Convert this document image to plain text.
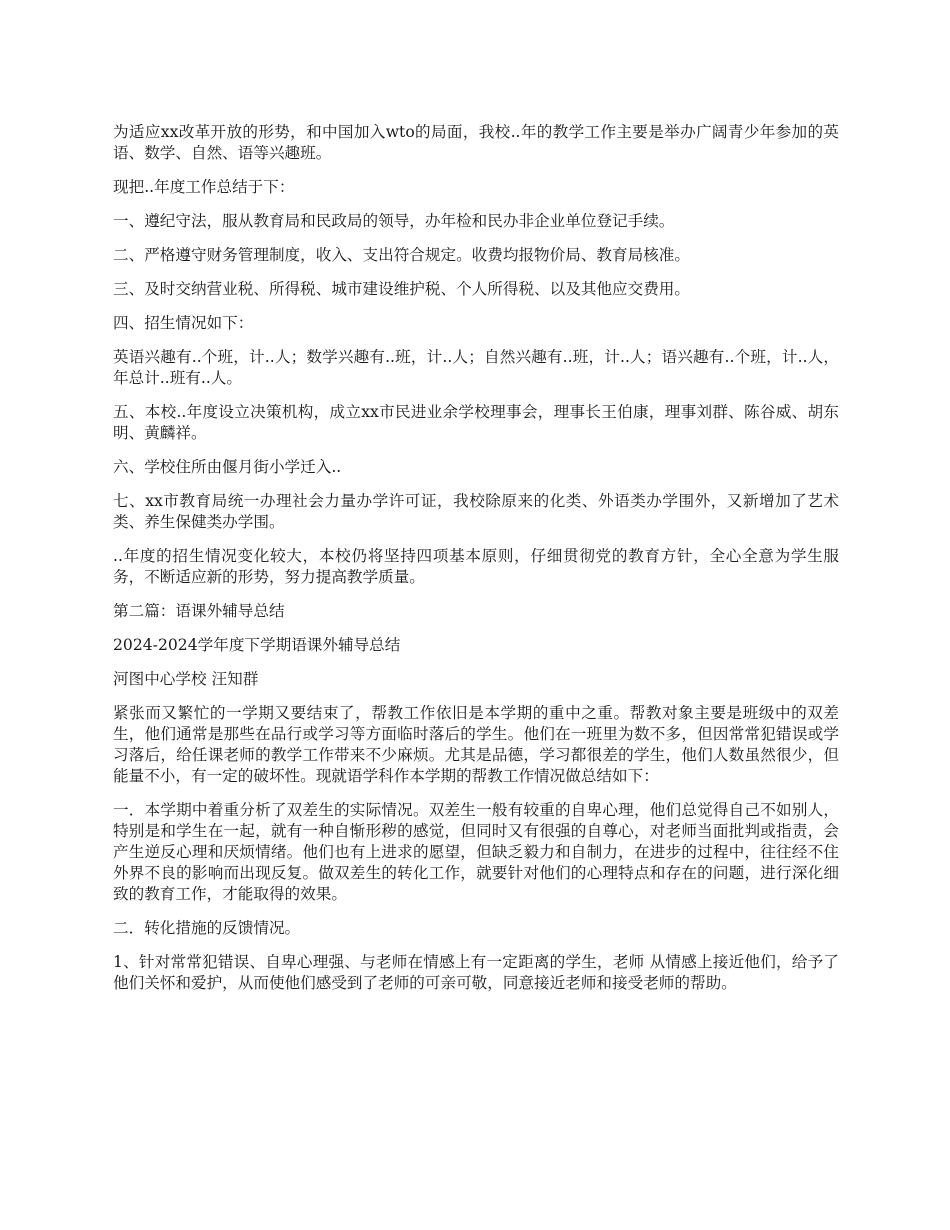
为适应xx改革开放的形势，和中国加入wto的局面，我校..年的教学工作主要是举办广阔青少年参加的英语、数学、自然、语等兴趣班。

现把..年度工作总结于下：

一、遵纪守法，服从教育局和民政局的领导，办年检和民办非企业单位登记手续。

二、严格遵守财务管理制度，收入、支出符合规定。收费均报物价局、教育局核准。

三、及时交纳营业税、所得税、城市建设维护税、个人所得税、以及其他应交费用。

四、招生情况如下：

英语兴趣有..个班，计..人；数学兴趣有..班，计..人；自然兴趣有..班，计..人；语兴趣有..个班，计..人，年总计..班有..人。

五、本校..年度设立决策机构，成立xx市民进业余学校理事会，理事长王伯康，理事刘群、陈谷威、胡东明、黄麟祥。

六、学校住所由偃月街小学迁入..

七、xx市教育局统一办理社会力量办学许可证，我校除原来的化类、外语类办学围外，又新增加了艺术类、养生保健类办学围。

..年度的招生情况变化较大，本校仍将坚持四项基本原则，仔细贯彻党的教育方针，全心全意为学生服务，不断适应新的形势，努力提高教学质量。

第二篇：语课外辅导总结

2024-2024学年度下学期语课外辅导总结

河图中心学校 汪知群

紧张而又繁忙的一学期又要结束了，帮教工作依旧是本学期的重中之重。帮教对象主要是班级中的双差生，他们通常是那些在品行或学习等方面临时落后的学生。他们在一班里为数不多，但因常常犯错误或学习落后，给任课老师的教学工作带来不少麻烦。尤其是品德，学习都很差的学生，他们人数虽然很少，但能量不小，有一定的破坏性。现就语学科作本学期的帮教工作情况做总结如下：

一．本学期中着重分析了双差生的实际情况。双差生一般有较重的自卑心理，他们总觉得自己不如别人，特别是和学生在一起，就有一种自惭形秽的感觉，但同时又有很强的自尊心，对老师当面批判或指责，会产生逆反心理和厌烦情绪。他们也有上进求的愿望，但缺乏毅力和自制力，在进步的过程中，往往经不住外界不良的影响而出现反复。做双差生的转化工作，就要针对他们的心理特点和存在的问题，进行深化细致的教育工作，才能取得的效果。

二．转化措施的反馈情况。

1、针对常常犯错误、自卑心理强、与老师在情感上有一定距离的学生，老师 从情感上接近他们，给予了他们关怀和爱护，从而使他们感受到了老师的可亲可敬，同意接近老师和接受老师的帮助。
